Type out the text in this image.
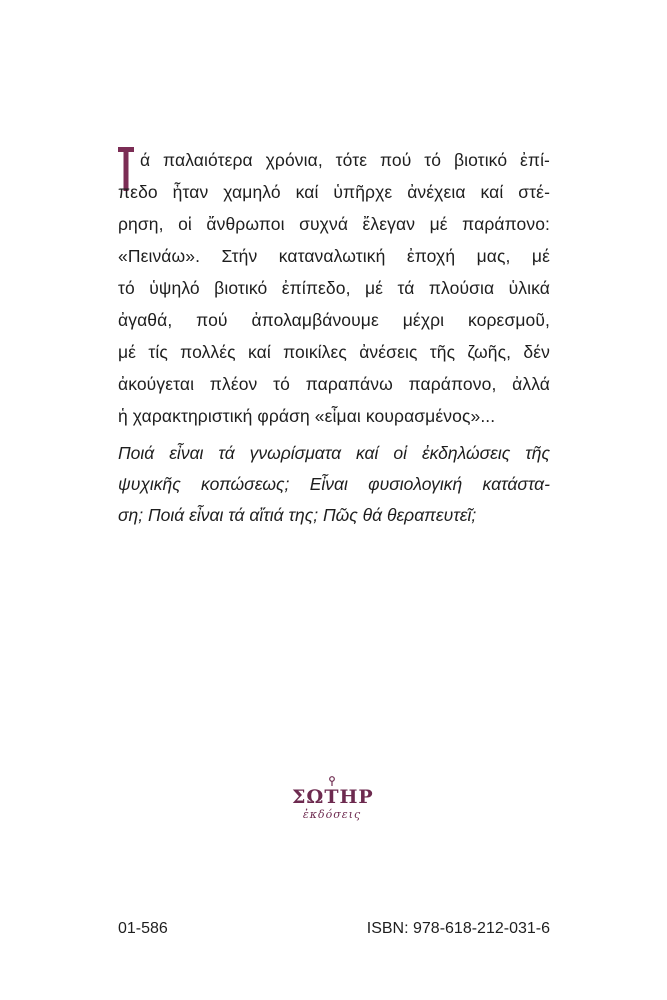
ά παλαιότερα χρόνια, τότε πού τό βιοτικό ἐπί-
πεδο ἦταν χαμηλό καί ὑπῆρχε ἀνέχεια καί στέ-
ρηση, οἱ ἄνθρωποι συχνά ἔλεγαν μέ παράπονο:
«Πεινάω». Στήν καταναλωτική ἐποχή μας, μέ
τό ὑψηλό βιοτικό ἐπίπεδο, μέ τά πλούσια ὑλικά
ἀγαθά, πού ἀπολαμβάνουμε μέχρι κορεσμοῦ,
μέ τίς πολλές καί ποικίλες ἀνέσεις τῆς ζωῆς, δέν
ἀκούγεται πλέον τό παραπάνω παράπονο, ἀλλά
ἡ χαρακτηριστική φράση «εἶμαι κουρασμένος»...
Ποιά εἶναι τά γνωρίσματα καί οἱ ἐκδηλώσεις τῆς
ψυχικῆς κοπώσεως; Εἶναι φυσιολογική κατάστα-
ση; Ποιά εἶναι τά αἴτιά της; Πῶς θά θεραπευτεῖ;
ΣΩΤΗΡ
ἐκδόσεις
01-586	ISBN: 978-618-212-031-6
